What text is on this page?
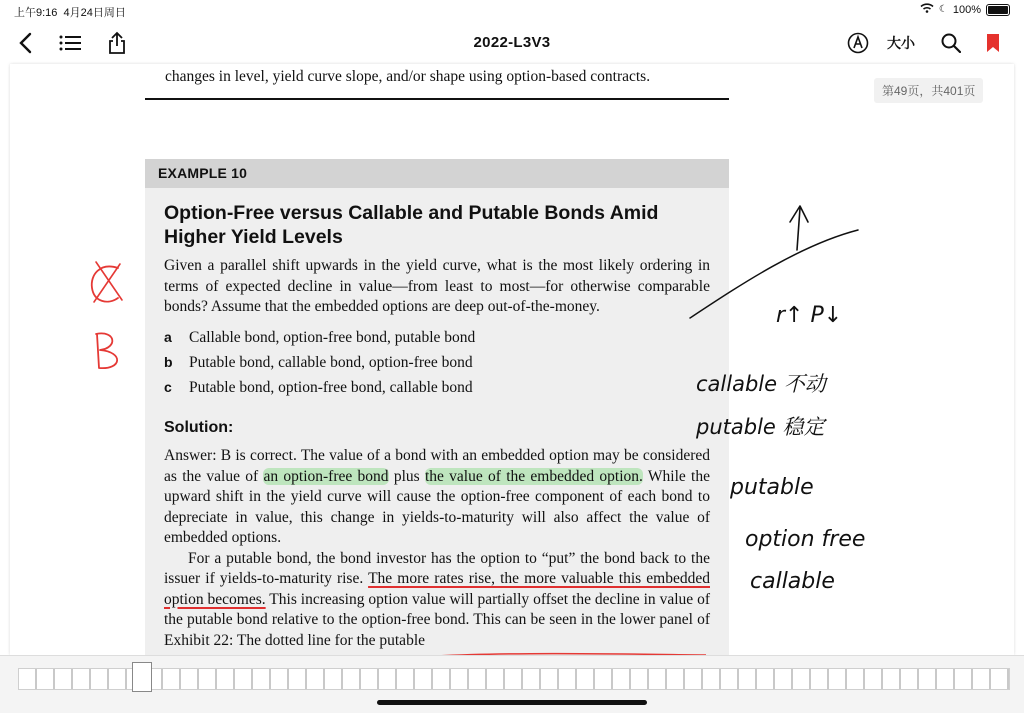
上午9:16 4月24日周日	☾ 100%
大小
2022-L3V3
changes in level, yield curve slope, and/or shape using option-based contracts.
第49页，共401页
EXAMPLE 10
Option-Free versus Callable and Putable Bonds Amid Higher Yield Levels
Given a parallel shift upwards in the yield curve, what is the most likely ordering in terms of expected decline in value—from least to most—for otherwise comparable bonds? Assume that the embedded options are deep out-of-the-money.
a Callable bond, option-free bond, putable bond
b Putable bond, callable bond, option-free bond
c Putable bond, option-free bond, callable bond
Solution:
Answer: B is correct. The value of a bond with an embedded option may be considered as the value of an option-free bond plus the value of the embedded option. While the upward shift in the yield curve will cause the option-free component of each bond to depreciate in value, this change in yields-to-maturity will also affect the value of embedded options.
For a putable bond, the bond investor has the option to “put” the bond back to the issuer if yields-to-maturity rise. The more rates rise, the more valuable this embedded option becomes. This increasing option value will partially offset the decline in value of the putable bond relative to the option-free bond. This can be seen in the lower panel of Exhibit 22: The dotted line for the putable
r↑ P↓
callable 不动
putable 稳定
putable
option free
callable
